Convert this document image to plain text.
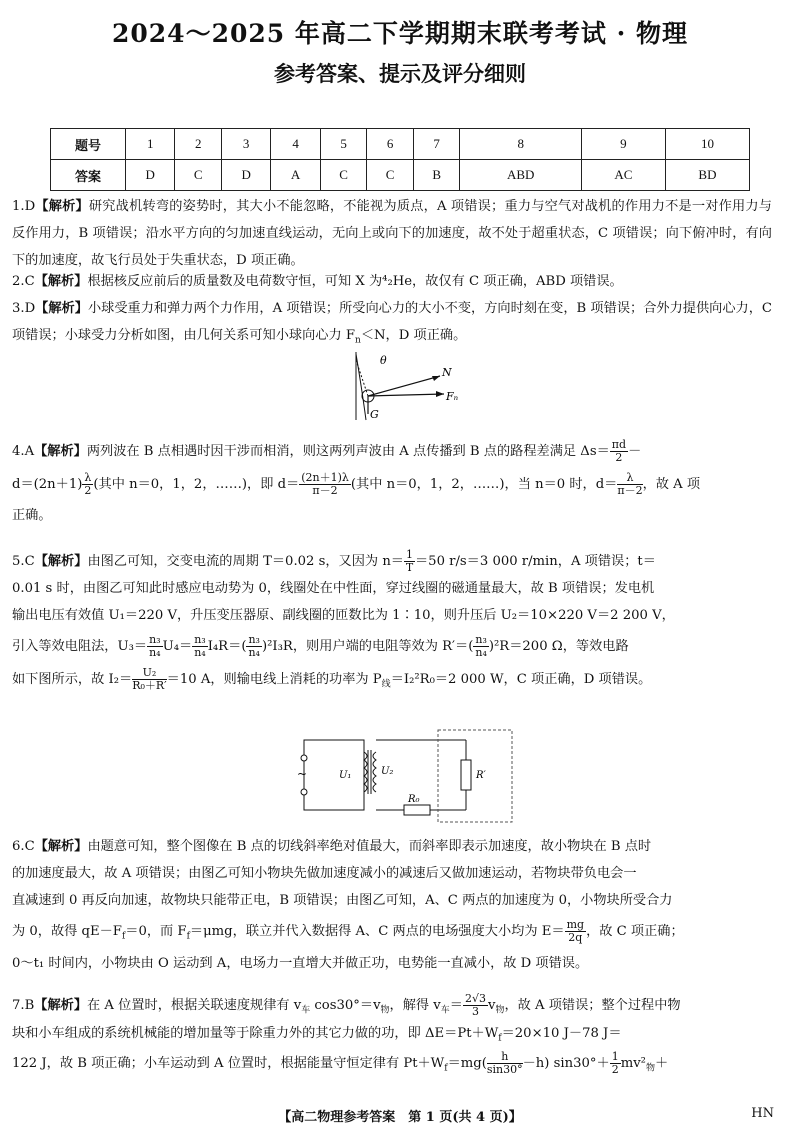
2024～2025 年高二下学期期末联考考试 · 物理
参考答案、提示及评分细则
题号	1	2	3	4	5	6	7	8	9	10
答案	D	C	D	A	C	C	B	ABD	AC	BD

1.D【解析】研究战机转弯的姿势时，其大小不能忽略，不能视为质点，A 项错误；重力与空气对战机的作用力不是一对作用力与反作用力，B 项错误；沿水平方向的匀加速直线运动，无向上或向下的加速度，故不处于超重状态，C 项错误；向下俯冲时，有向下的加速度，故飞行员处于失重状态，D 项正确。

2.C【解析】根据核反应前后的质量数及电荷数守恒，可知 X 为⁴₂He，故仅有 C 项正确，ABD 项错误。

3.D【解析】小球受重力和弹力两个力作用，A 项错误；所受向心力的大小不变，方向时刻在变，B 项错误；合外力提供向心力，C 项错误；小球受力分析如图，由几何关系可知小球向心力 $F_n<N$，D 项正确。

θ
N
Fₙ
G

4.A【解析】两列波在 B 点相遇时因干涉而相消，则这两列声波由 A 点传播到 B 点的路程差满足 $\Delta s= \frac{\pi d}{2}$ －

$d=(2n+1) \frac{\lambda}{2}$ (其中 n＝0，1，2，……)，即 $d= \frac{(2n+1)\lambda}{\pi-2}$ (其中 n＝0，1，2，……)，当 n＝0 时，$d= \frac{\lambda}{\pi-2}$ ，故 A 项

正确。

5.C【解析】由图乙可知，交变电流的周期 T＝0.02 s，又因为 $n= \frac{1}{T} =50$ r/s＝3 000 r/min，A 项错误；t＝

0.01 s 时，由图乙可知此时感应电动势为 0，线圈处在中性面，穿过线圈的磁通量最大，故 B 项错误；发电机

输出电压有效值 U₁＝220 V，升压变压器原、副线圈的匝数比为 1∶10，则升压后 U₂＝10×220 V＝2 200 V，

引入等效电阻法，$U_3= \frac{\text{n₃}}{\text{n₄}} U_4= \frac{\text{n₃}}{\text{n₄}} I_4R=( \frac{\text{n₃}}{\text{n₄}} )^2I_3R$，则用户端的电阻等效为 $R'=( \frac{\text{n₃}}{\text{n₄}} )^2R=200$ Ω，等效电路

如下图所示，故 $I_2= \frac{\text{U₂}}{\text{R₀＋R′}} =10$ A，则输电线上消耗的功率为 $P_线=I_2^2R_0=2$ 000 W，C 项正确，D 项错误。

~	U₁	U₂
R₀
R′

6.C【解析】由题意可知，整个图像在 B 点的切线斜率绝对值最大，而斜率即表示加速度，故小物块在 B 点时

的加速度最大，故 A 项错误；由图乙可知小物块先做加速度减小的减速后又做加速运动，若物块带负电会一

直减速到 0 再反向加速，故物块只能带正电，B 项错误；由图乙可知，A、C 两点的加速度为 0，小物块所受合力

为 0，故得 $qE-F_f=0$，而 $F_f=\mu mg$，联立并代入数据得 A、C 两点的电场强度大小均为 $E= \frac{mg}{2q}$ ，故 C 项正确；

0～t₁ 时间内，小物块由 O 运动到 A，电场力一直增大并做正功，电势能一直减小，故 D 项错误。

7.B【解析】在 A 位置时，根据关联速度规律有 $v_车$ $\cos 30^\circ=v_物$，解得 $v_车= \frac{2√3}{3} v_物$，故 A 项错误；整个过程中物

块和小车组成的系统机械能的增加量等于除重力外的其它力做的功，即 $\Delta E=Pt+W_f=20\times 10$ J－78 J＝

122 J，故 B 项正确；小车运动到 A 位置时，根据能量守恒定律有 $Pt+W_f=mg( \frac{h}{\sin 30^\circ} -h)$ $\sin 30^\circ+ \frac{1}{2} mv^2_物+$

【高二物理参考答案　第 1 页(共 4 页)】	HN
